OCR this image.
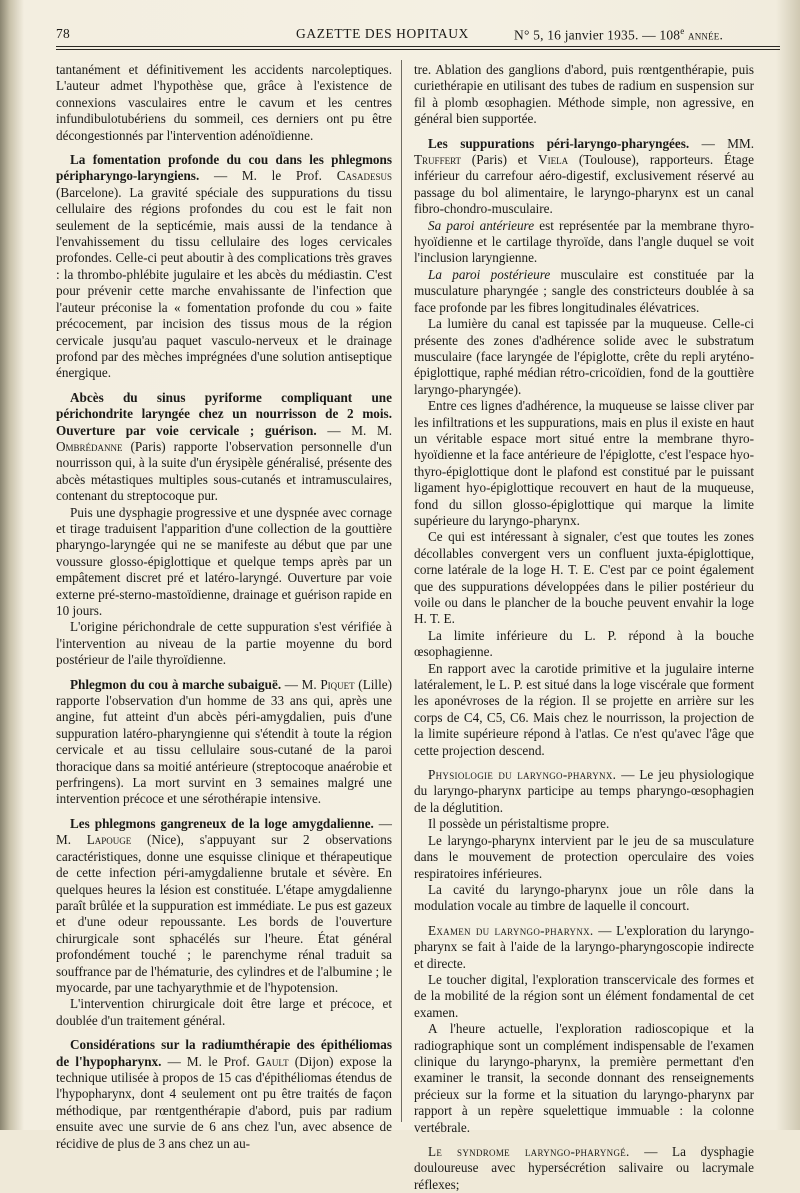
78	GAZETTE DES HOPITAUX	N° 5, 16 janvier 1935. — 108e année.

tantanément et définitivement les accidents narcoleptiques. L'auteur admet l'hypothèse que, grâce à l'existence de connexions vasculaires entre le cavum et les centres infundibulotubériens du sommeil, ces derniers ont pu être décongestionnés par l'intervention adénoïdienne.

La fomentation profonde du cou dans les phlegmons péripharyngo-laryngiens. — M. le Prof. Casadesus (Barcelone). La gravité spéciale des suppurations du tissu cellulaire des régions profondes du cou est le fait non seulement de la septicémie, mais aussi de la tendance à l'envahissement du tissu cellulaire des loges cervicales profondes. Celle-ci peut aboutir à des complications très graves : la thrombo-phlébite jugulaire et les abcès du médiastin. C'est pour prévenir cette marche envahissante de l'infection que l'auteur préconise la « fomentation profonde du cou » faite précocement, par incision des tissus mous de la région cervicale jusqu'au paquet vasculo-nerveux et le drainage profond par des mèches imprégnées d'une solution antiseptique énergique.

Abcès du sinus pyriforme compliquant une périchondrite laryngée chez un nourrisson de 2 mois. Ouverture par voie cervicale ; guérison. — M. M. Ombrédanne (Paris) rapporte l'observation personnelle d'un nourrisson qui, à la suite d'un érysipèle généralisé, présente des abcès métastiques multiples sous-cutanés et intramusculaires, contenant du streptocoque pur.

Puis une dysphagie progressive et une dyspnée avec cornage et tirage traduisent l'apparition d'une collection de la gouttière pharyngo-laryngée qui ne se manifeste au début que par une voussure glosso-épiglottique et quelque temps après par un empâtement discret pré et latéro-laryngé. Ouverture par voie externe pré-sterno-mastoïdienne, drainage et guérison rapide en 10 jours.

L'origine périchondrale de cette suppuration s'est vérifiée à l'intervention au niveau de la partie moyenne du bord postérieur de l'aile thyroïdienne.

Phlegmon du cou à marche subaiguë. — M. Piquet (Lille) rapporte l'observation d'un homme de 33 ans qui, après une angine, fut atteint d'un abcès péri-amygdalien, puis d'une suppuration latéro-pharyngienne qui s'étendit à toute la région cervicale et au tissu cellulaire sous-cutané de la paroi thoracique dans sa moitié antérieure (streptocoque anaérobie et perfringens). La mort survint en 3 semaines malgré une intervention précoce et une sérothérapie intensive.

Les phlegmons gangreneux de la loge amygdalienne. — M. Lapouge (Nice), s'appuyant sur 2 observations caractéristiques, donne une esquisse clinique et thérapeutique de cette infection péri-amygdalienne brutale et sévère. En quelques heures la lésion est constituée. L'étape amygdalienne paraît brûlée et la suppuration est immédiate. Le pus est gazeux et d'une odeur repoussante. Les bords de l'ouverture chirurgicale sont sphacélés sur l'heure. État général profondément touché ; le parenchyme rénal traduit sa souffrance par de l'hématurie, des cylindres et de l'albumine ; le myocarde, par une tachyarythmie et de l'hypotension.

L'intervention chirurgicale doit être large et précoce, et doublée d'un traitement général.

Considérations sur la radiumthérapie des épithéliomas de l'hypopharynx. — M. le Prof. Gault (Dijon) expose la technique utilisée à propos de 15 cas d'épithéliomas étendus de l'hypopharynx, dont 4 seulement ont pu être traités de façon méthodique, par rœntgenthérapie d'abord, puis par radium ensuite avec une survie de 6 ans chez l'un, avec absence de récidive de plus de 3 ans chez un au-

tre. Ablation des ganglions d'abord, puis rœntgenthérapie, puis curiethérapie en utilisant des tubes de radium en suspension sur fil à plomb œsophagien. Méthode simple, non agressive, en général bien supportée.

Les suppurations péri-laryngo-pharyngées. — MM. Truffert (Paris) et Viela (Toulouse), rapporteurs. Étage inférieur du carrefour aéro-digestif, exclusivement réservé au passage du bol alimentaire, le laryngo-pharynx est un canal fibro-chondro-musculaire.

Sa paroi antérieure est représentée par la membrane thyro-hyoïdienne et le cartilage thyroïde, dans l'angle duquel se voit l'inclusion laryngienne.

La paroi postérieure musculaire est constituée par la musculature pharyngée ; sangle des constricteurs doublée à sa face profonde par les fibres longitudinales élévatrices.

La lumière du canal est tapissée par la muqueuse. Celle-ci présente des zones d'adhérence solide avec le substratum musculaire (face laryngée de l'épiglotte, crête du repli aryténo-épiglottique, raphé médian rétro-cricoïdien, fond de la gouttière laryngo-pharyngée).

Entre ces lignes d'adhérence, la muqueuse se laisse cliver par les infiltrations et les suppurations, mais en plus il existe en haut un véritable espace mort situé entre la membrane thyro-hyoïdienne et la face antérieure de l'épiglotte, c'est l'espace hyo-thyro-épiglottique dont le plafond est constitué par le puissant ligament hyo-épiglottique recouvert en haut de la muqueuse, fond du sillon glosso-épiglottique qui marque la limite supérieure du laryngo-pharynx.

Ce qui est intéressant à signaler, c'est que toutes les zones décollables convergent vers un confluent juxta-épiglottique, corne latérale de la loge H. T. E. C'est par ce point également que des suppurations développées dans le pilier postérieur du voile ou dans le plancher de la bouche peuvent envahir la loge H. T. E.

La limite inférieure du L. P. répond à la bouche œsophagienne.

En rapport avec la carotide primitive et la jugulaire interne latéralement, le L. P. est situé dans la loge viscérale que forment les aponévroses de la région. Il se projette en arrière sur les corps de C4, C5, C6. Mais chez le nourrisson, la projection de la limite supérieure répond à l'atlas. Ce n'est qu'avec l'âge que cette projection descend.

Physiologie du laryngo-pharynx. — Le jeu physiologique du laryngo-pharynx participe au temps pharyngo-œsophagien de la déglutition.

Il possède un péristaltisme propre.

Le laryngo-pharynx intervient par le jeu de sa musculature dans le mouvement de protection operculaire des voies respiratoires inférieures.

La cavité du laryngo-pharynx joue un rôle dans la modulation vocale au timbre de laquelle il concourt.

Examen du laryngo-pharynx. — L'exploration du laryngo-pharynx se fait à l'aide de la laryngo-pharyngoscopie indirecte et directe.

Le toucher digital, l'exploration transcervicale des formes et de la mobilité de la région sont un élément fondamental de cet examen.

A l'heure actuelle, l'exploration radioscopique et la radiographique sont un complément indispensable de l'examen clinique du laryngo-pharynx, la première permettant d'en examiner le transit, la seconde donnant des renseignements précieux sur la forme et la situation du laryngo-pharynx par rapport à un repère squelettique immuable : la colonne vertébrale.

Le syndrome laryngo-pharyngé. — La dysphagie douloureuse avec hypersécrétion salivaire ou lacrymale réflexes;
